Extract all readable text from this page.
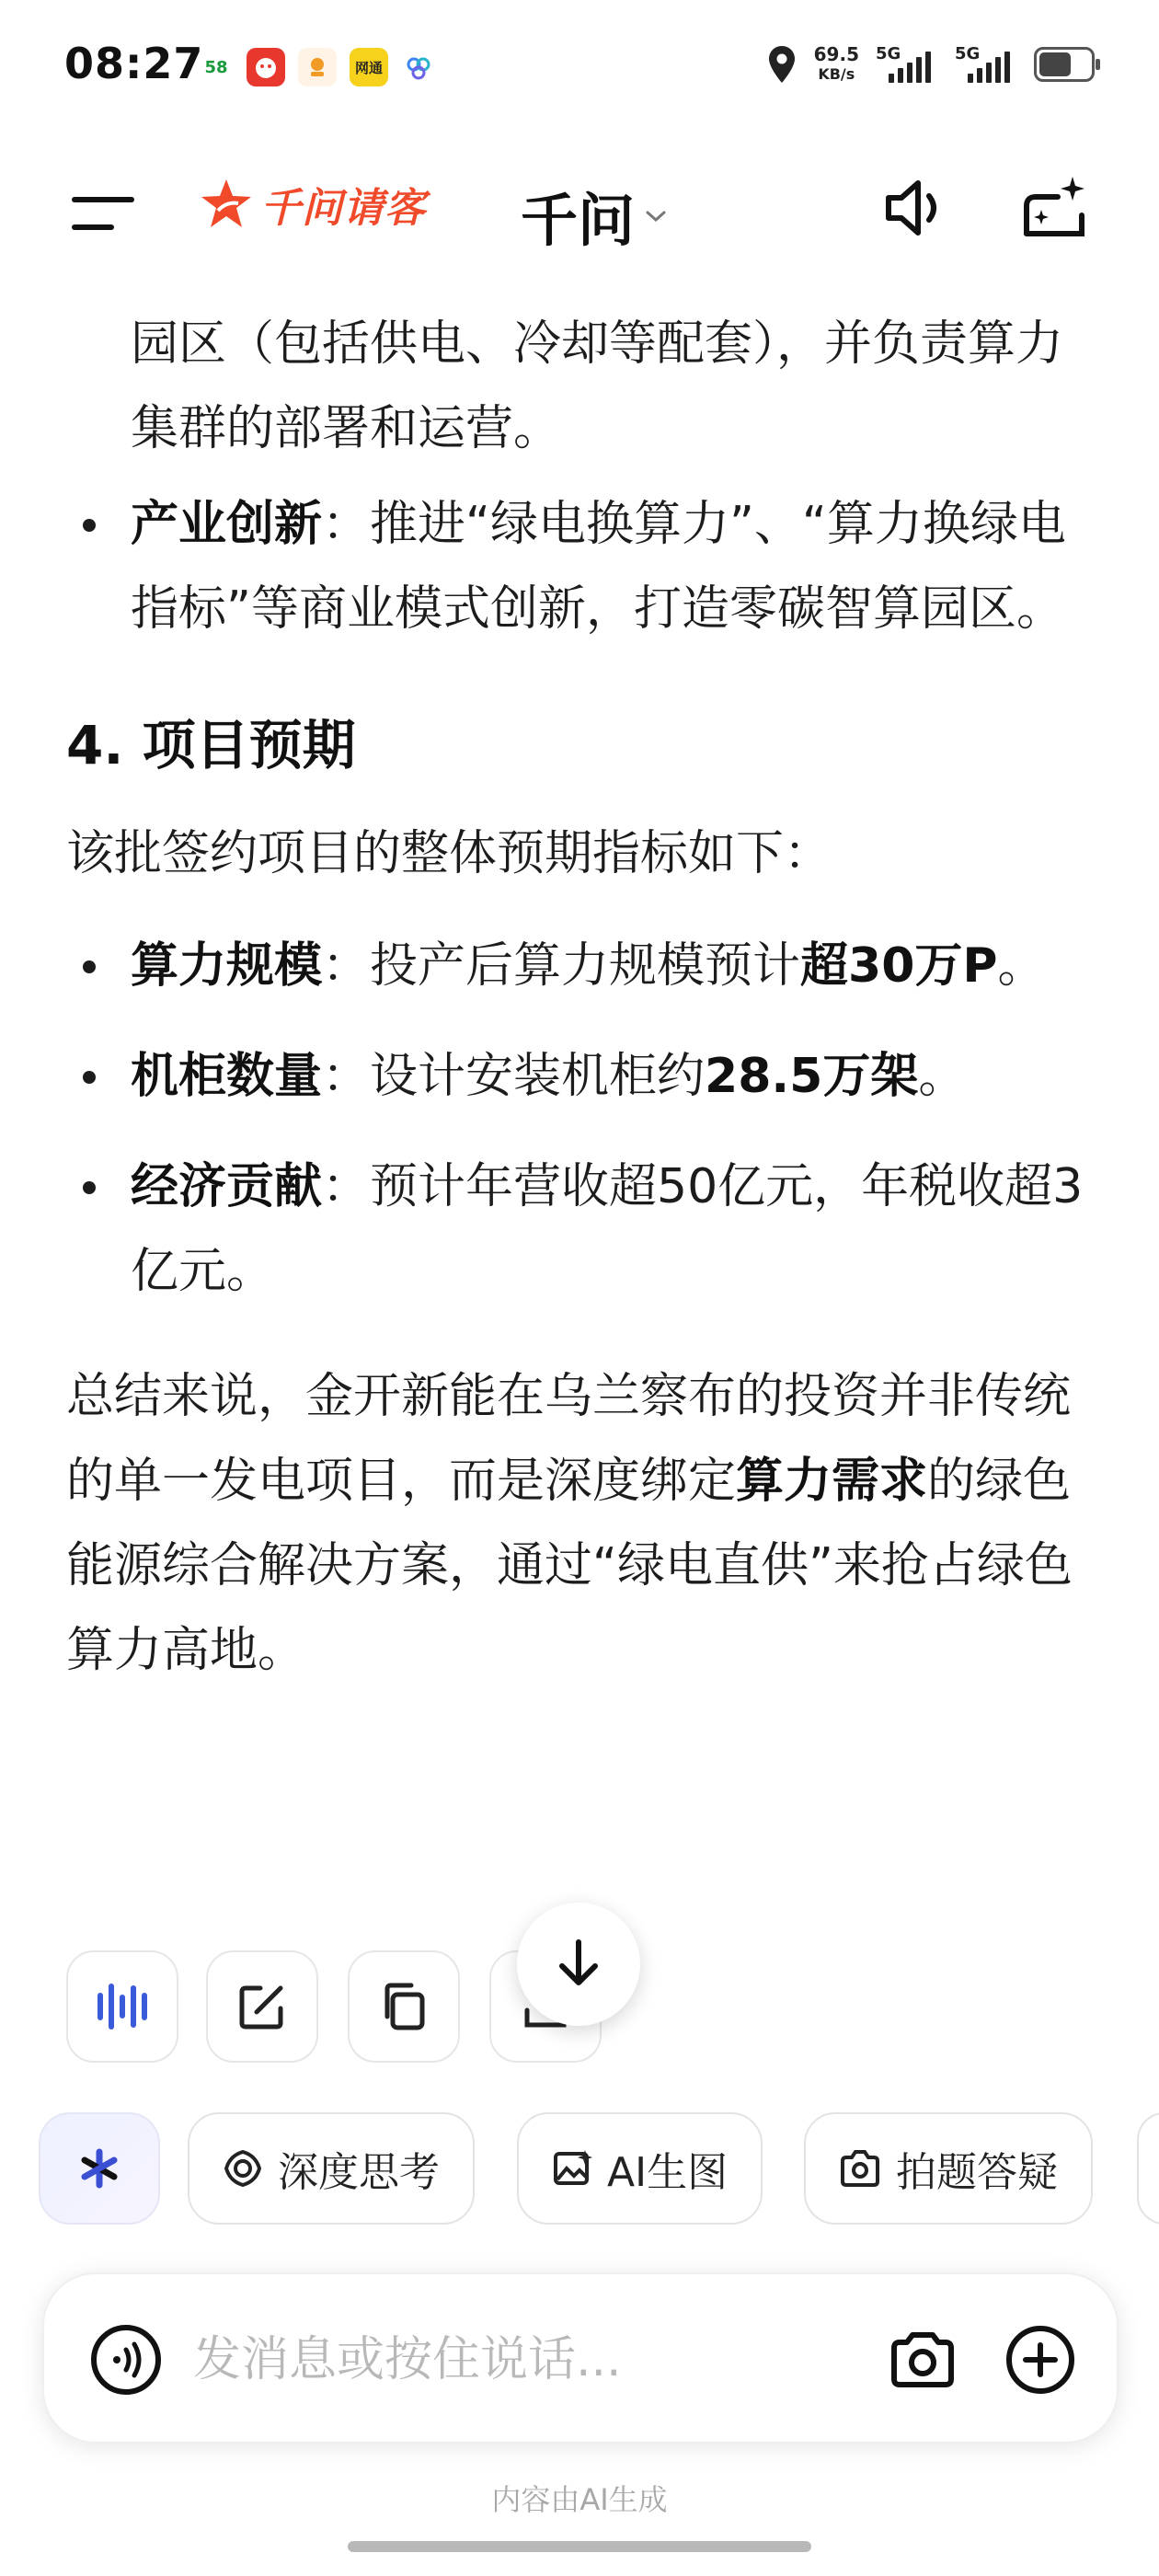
08:27 58	网通
69.5
KB/s
5G	5G
千问请客 千问

园区（包括供电、冷却等配套），并负责算力集群的部署和运营。

产业创新：推进“绿电换算力”、“算力换绿电指标”等商业模式创新，打造零碳智算园区。
4. 项目预期

该批签约项目的整体预期指标如下：

算力规模：投产后算力规模预计超30万P。
机柜数量：设计安装机柜约28.5万架。
经济贡献：预计年营收超50亿元，年税收超3亿元。

总结来说，金开新能在乌兰察布的投资并非传统的单一发电项目，而是深度绑定算力需求的绿色能源综合解决方案，通过“绿电直供”来抢占绿色算力高地。

深度思考	AI生图	拍题答疑
发消息或按住说话...
内容由AI生成
